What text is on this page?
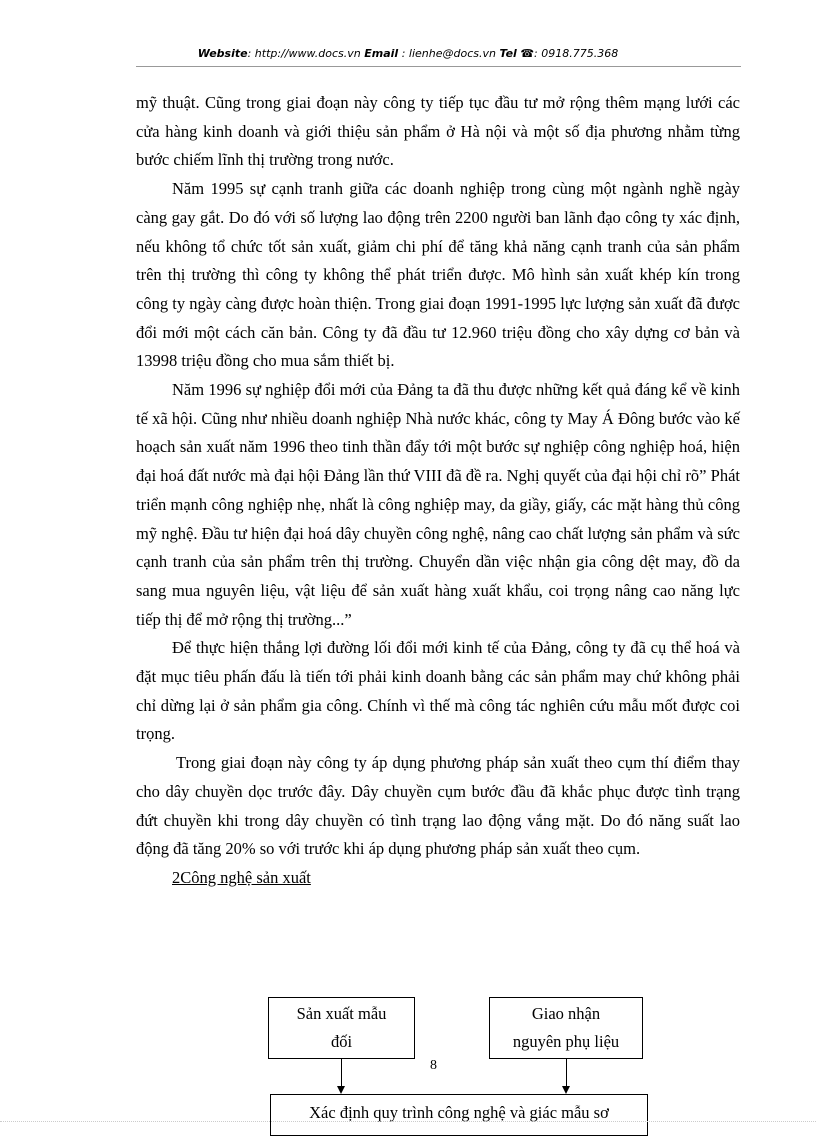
Website: http://www.docs.vn Email : lienhe@docs.vn Tel ☎: 0918.775.368

mỹ thuật. Cũng trong giai đoạn này công ty tiếp tục đầu tư mở rộng thêm mạng lưới các cửa hàng kinh doanh và giới thiệu sản phẩm ở Hà nội và một số địa phương nhằm từng bước chiếm lĩnh thị trường trong nước.

Năm 1995 sự cạnh tranh giữa các doanh nghiệp trong cùng một ngành nghề ngày càng gay gắt. Do đó với số lượng lao động trên 2200 người ban lãnh đạo công ty xác định, nếu không tổ chức tốt sản xuất, giảm chi phí để tăng khả năng cạnh tranh của sản phẩm trên thị trường thì công ty không thể phát triển được. Mô hình sản xuất khép kín trong công ty ngày càng được hoàn thiện. Trong giai đoạn 1991-1995 lực lượng sản xuất đã được đổi mới một cách căn bản. Công ty đã đầu tư 12.960 triệu đồng cho xây dựng cơ bản và 13998 triệu đồng cho mua sắm thiết bị.

Năm 1996 sự nghiệp đổi mới của Đảng ta đã thu được những kết quả đáng kể về kinh tế xã hội. Cũng như nhiều doanh nghiệp Nhà nước khác, công ty May Á Đông bước vào kế hoạch sản xuất năm 1996 theo tinh thần đẩy tới một bước sự nghiệp công nghiệp hoá, hiện đại hoá đất nước mà đại hội Đảng lần thứ VIII đã đề ra. Nghị quyết của đại hội chỉ rõ” Phát triển mạnh công nghiệp nhẹ, nhất là công nghiệp may, da giầy, giấy, các mặt hàng thủ công mỹ nghệ. Đầu tư hiện đại hoá dây chuyền công nghệ, nâng cao chất lượng sản phẩm và sức cạnh tranh của sản phẩm trên thị trường. Chuyển dần việc nhận gia công dệt may, đồ da sang mua nguyên liệu, vật liệu để sản xuất hàng xuất khẩu, coi trọng nâng cao năng lực tiếp thị để mở rộng thị trường...”

Để thực hiện thắng lợi đường lối đổi mới kinh tế của Đảng, công ty đã cụ thể hoá và đặt mục tiêu phấn đấu là tiến tới phải kinh doanh bằng các sản phẩm may chứ không phải chỉ dừng lại ở sản phẩm gia công. Chính vì thế mà công tác nghiên cứu mẫu mốt được coi trọng.

Trong giai đoạn này công ty áp dụng phương pháp sản xuất theo cụm thí điểm thay cho dây chuyền dọc trước đây. Dây chuyền cụm bước đầu đã khắc phục được tình trạng đứt chuyền khi trong dây chuyền có tình trạng lao động vắng mặt. Do đó năng suất lao động đã tăng 20% so với trước khi áp dụng phương pháp sản xuất theo cụm.

2Công nghệ sản xuất

Sản xuất mẫu
đối
Giao nhận
nguyên phụ liệu
8
Xác định quy trình công nghệ và giác mẫu sơ
